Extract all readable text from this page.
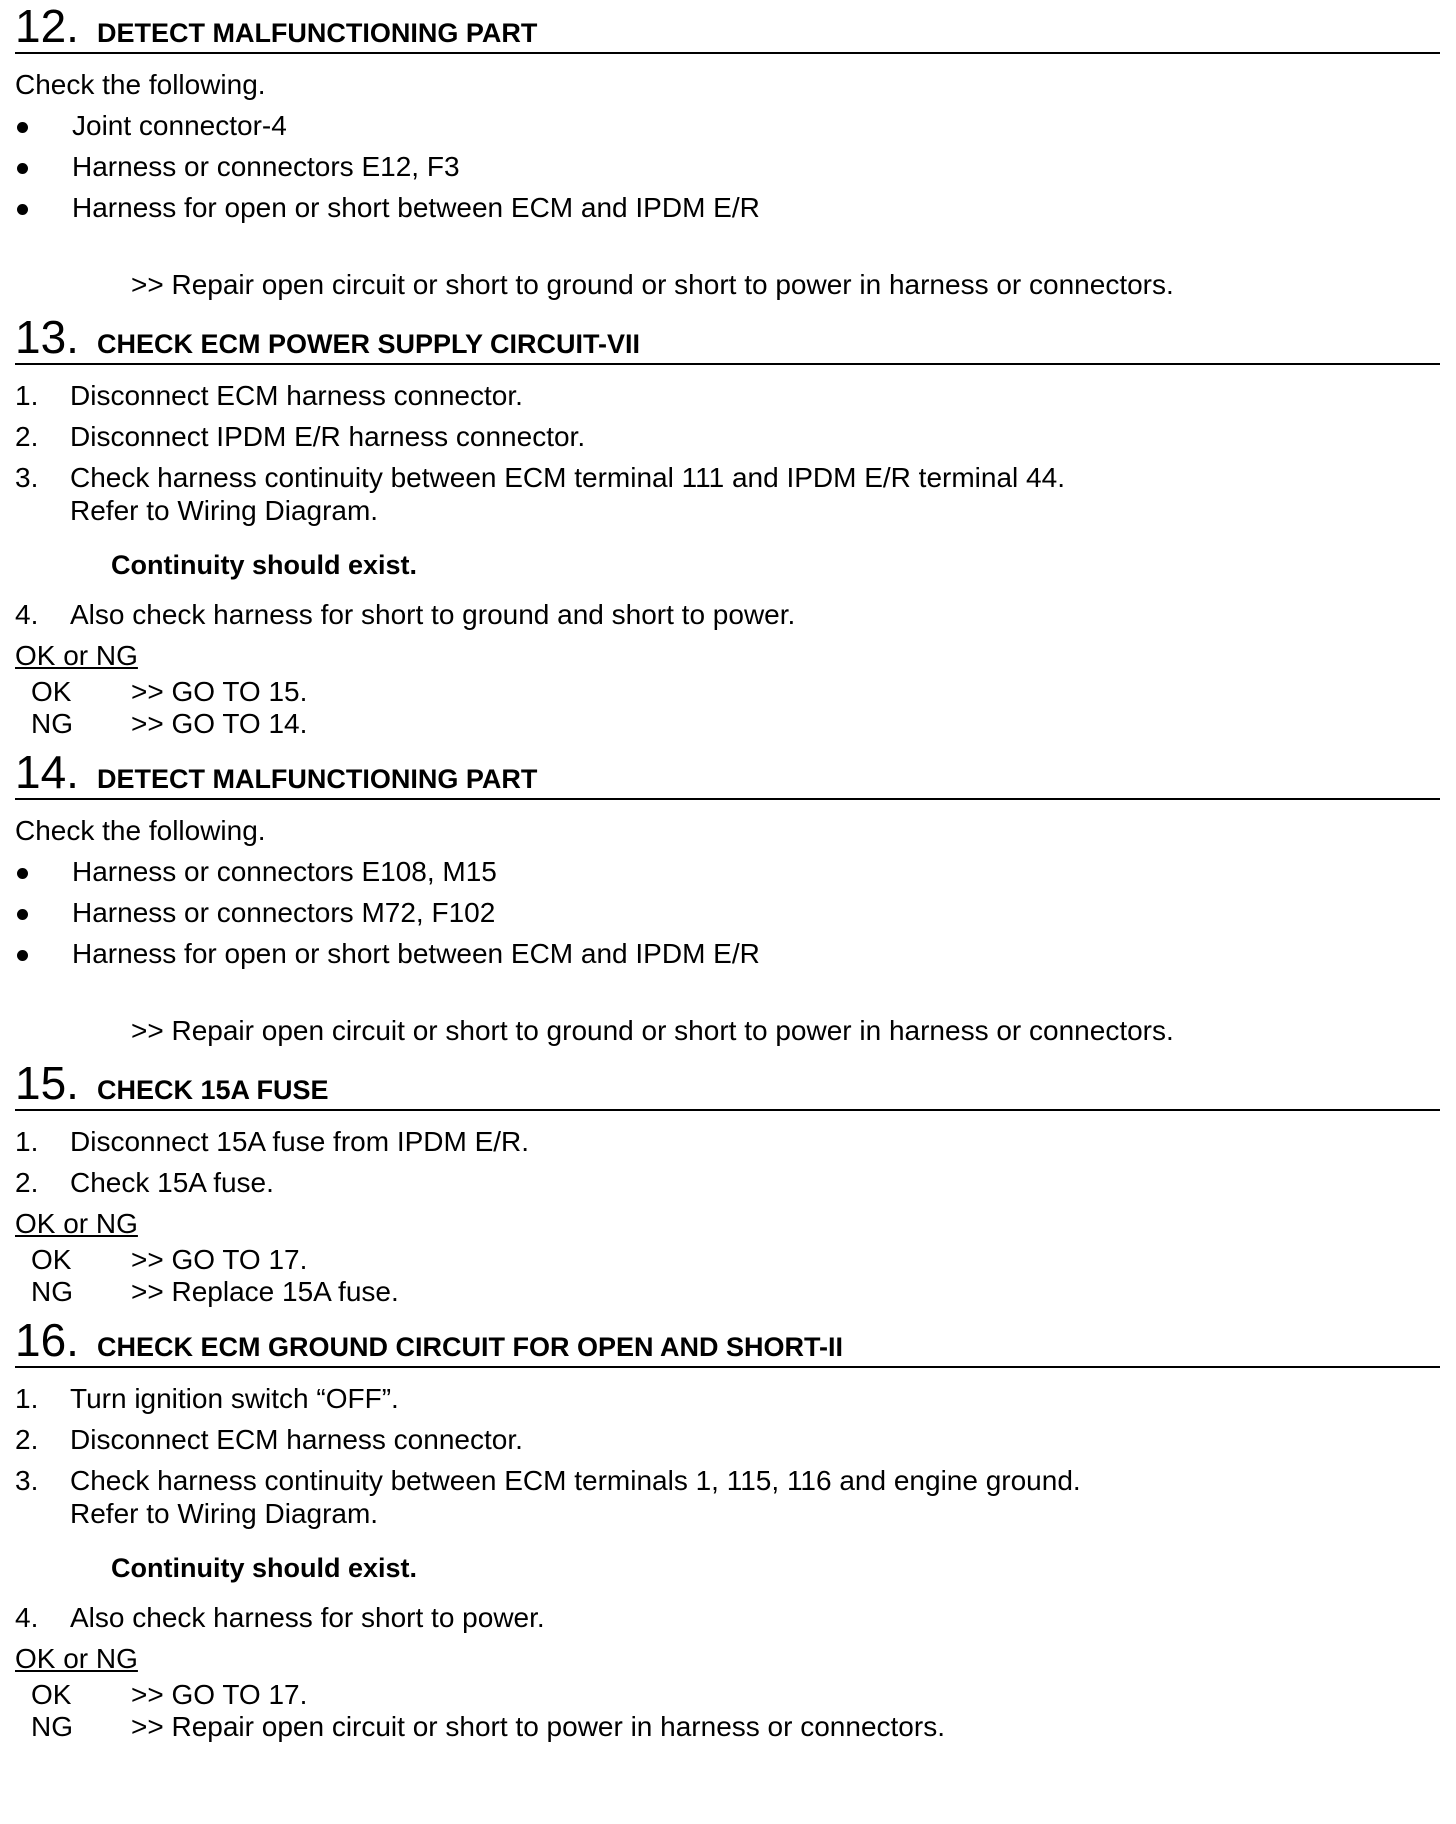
12. DETECT MALFUNCTIONING PART
Check the following.
Joint connector-4
Harness or connectors E12, F3
Harness for open or short between ECM and IPDM E/R
>> Repair open circuit or short to ground or short to power in harness or connectors.
13. CHECK ECM POWER SUPPLY CIRCUIT-VII
1.	Disconnect ECM harness connector.
2.	Disconnect IPDM E/R harness connector.
3.	Check harness continuity between ECM terminal 111 and IPDM E/R terminal 44.
Refer to Wiring Diagram.
Continuity should exist.
4.	Also check harness for short to ground and short to power.
OK or NG
OK	>> GO TO 15.
NG	>> GO TO 14.
14. DETECT MALFUNCTIONING PART
Check the following.
Harness or connectors E108, M15
Harness or connectors M72, F102
Harness for open or short between ECM and IPDM E/R
>> Repair open circuit or short to ground or short to power in harness or connectors.
15. CHECK 15A FUSE
1.	Disconnect 15A fuse from IPDM E/R.
2.	Check 15A fuse.
OK or NG
OK	>> GO TO 17.
NG	>> Replace 15A fuse.
16. CHECK ECM GROUND CIRCUIT FOR OPEN AND SHORT-II
1.	Turn ignition switch “OFF”.
2.	Disconnect ECM harness connector.
3.	Check harness continuity between ECM terminals 1, 115, 116 and engine ground.
Refer to Wiring Diagram.
Continuity should exist.
4.	Also check harness for short to power.
OK or NG
OK	>> GO TO 17.
NG	>> Repair open circuit or short to power in harness or connectors.
